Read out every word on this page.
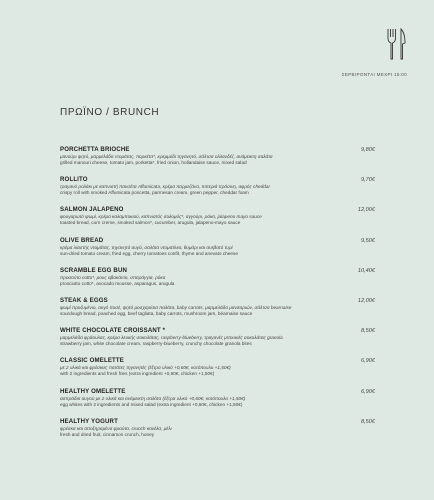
ΣΕΡΒΙΡΟΝΤΑΙ ΜΕΧΡΙ 15:00
ΠΡΩΪΝΟ / BRUNCH
PORCHETTA BRIOCHE	9,80€
μανούρι ψητό, μαρμελάδα ντομάτας, πορκέτα*, κρεμμύδι τηγανητό, σάλτσα ολλανδέζ, ανάμεικτη σαλάτα
grilled manouri cheese, tomato jam, porketta*, fried onion, hollandaise sauce, mixed salad
ROLLITO	9,70€
τραγανό ρολάκι με καπνιστή πανσέτα Affumicata, κρέμα παρμεζάνα, πιπεριά πράσινη, αφρός cheddar
crispy roll with smoked Affumicata poncetta, parmesan cream, green pepper, cheddar foam
SALMON JALAPENO	12,00€
φουγαρωτό ψωμί, κρέμα καλαμποκιού, καπνιστός σολομός*, αγγούρι, ρόκα, jalapeno mayo sauce
toasted bread, corn creme, smoked salmon*, cucumber, arugula, jalapeno-mayo sauce
OLIVE BREAD	9,50€
κρέμα λιαστής ντομάτας, τηγανητό αυγό, σαλάτα ντοματίνια, θυμάρι και ανεβατό τυρί
sun-dried tomato cream, fried egg, cherry tomatoes confit, thyme and anevato cheese
SCRAMBLE EGG BUN	10,40€
προσούτο cotto*, μους αβοκάντο, σπαράγγια, ρόκα
prosciutto cotto*, avocado mousse, asparagus, arugula
STEAK & EGGS	12,00€
ψωμί προζυμένιο, αυγό ποσέ, ψητό μοσχαρίσια παλάτα, baby carrots, μαρμελάδα μανιταριών, σάλτσα bearnaise
sourdough bread, poached egg, beef tagliata, baby carrots, mushroom jam, béarnaise sauce
WHITE CHOCOLATE CROISSANT *	8,50€
μαρμελάδα φράουλας, κρέμα λευκής σοκολάτας, raspberry-blueberry, τραγανές μπουκιές σοκολάτας granola
strawberry jam, white chocolate cream, raspberry-blueberry, crunchy chocolate granola bites
CLASSIC OMELETTE	6,90€
με 2 υλικά και φρέσκιες πατάτες τηγανητές (έξτρα υλικό +0,60€, κοτόπουλο +1,50€)
with 2 ingredients and fresh fries (extra ingredient +0,60€, chicken +1,50€)
HEALTHY OMELETTE	6,90€
ασπράδια αυγού με 2 υλικά και ανάμεικτη σαλάτα (έξτρα υλικό +0,60€, κοτόπουλο +1,50€)
egg whites with 2 ingredients and mixed salad (extra ingredient +0,60€, chicken +1,50€)
HEALTHY YOGURT	8,50€
φρέσκα και αποξηραμένα φρούτα, crunch κανέλα, μέλι
fresh and dried fruit, cinnamon crunch, honey
